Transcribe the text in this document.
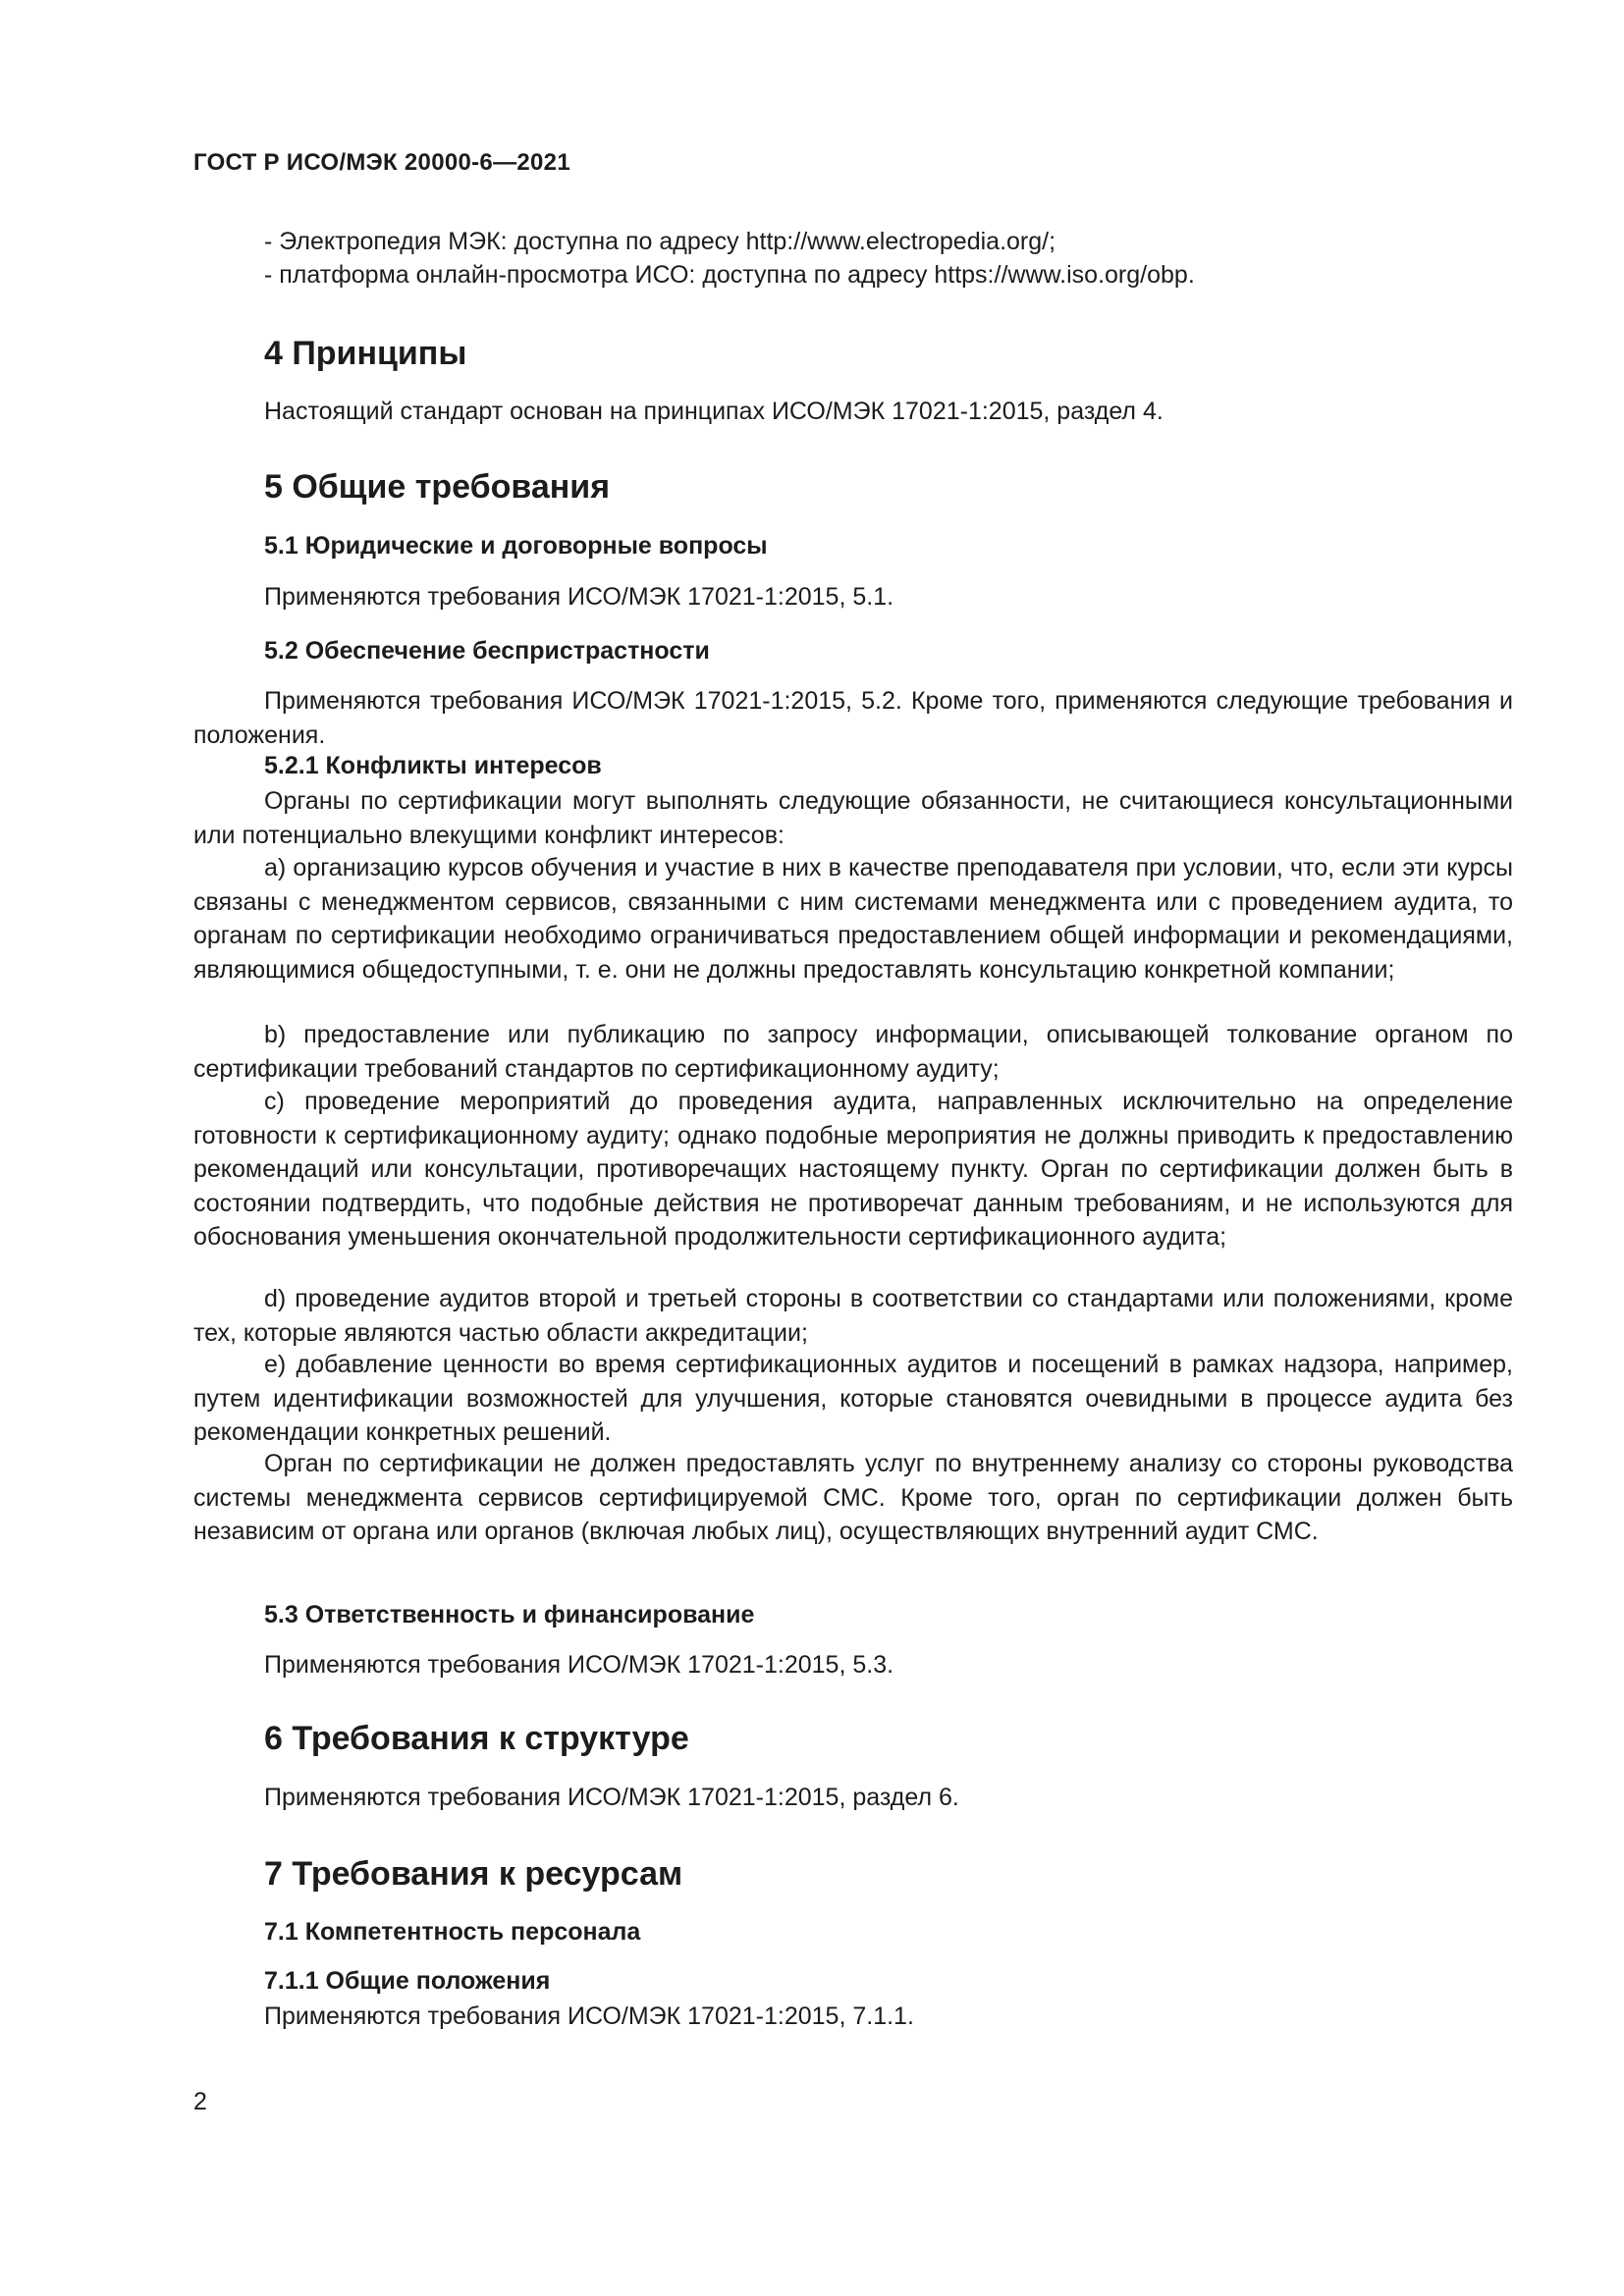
ГОСТ Р ИСО/МЭК 20000-6—2021
- Электропедия МЭК: доступна по адресу http://www.electropedia.org/;
- платформа онлайн-просмотра ИСО: доступна по адресу https://www.iso.org/obp.
4 Принципы
Настоящий стандарт основан на принципах ИСО/МЭК 17021-1:2015, раздел 4.
5 Общие требования
5.1 Юридические и договорные вопросы
Применяются требования ИСО/МЭК 17021-1:2015, 5.1.
5.2 Обеспечение беспристрастности
Применяются требования ИСО/МЭК 17021-1:2015, 5.2. Кроме того, применяются следующие требования и положения.
5.2.1 Конфликты интересов
Органы по сертификации могут выполнять следующие обязанности, не считающиеся консультационными или потенциально влекущими конфликт интересов:
а) организацию курсов обучения и участие в них в качестве преподавателя при условии, что, если эти курсы связаны с менеджментом сервисов, связанными с ним системами менеджмента или с проведением аудита, то органам по сертификации необходимо ограничиваться предоставлением общей информации и рекомендациями, являющимися общедоступными, т. е. они не должны предоставлять консультацию конкретной компании;
b) предоставление или публикацию по запросу информации, описывающей толкование органом по сертификации требований стандартов по сертификационному аудиту;
c) проведение мероприятий до проведения аудита, направленных исключительно на определение готовности к сертификационному аудиту; однако подобные мероприятия не должны приводить к предоставлению рекомендаций или консультации, противоречащих настоящему пункту. Орган по сертификации должен быть в состоянии подтвердить, что подобные действия не противоречат данным требованиям, и не используются для обоснования уменьшения окончательной продолжительности сертификационного аудита;
d) проведение аудитов второй и третьей стороны в соответствии со стандартами или положениями, кроме тех, которые являются частью области аккредитации;
e) добавление ценности во время сертификационных аудитов и посещений в рамках надзора, например, путем идентификации возможностей для улучшения, которые становятся очевидными в процессе аудита без рекомендации конкретных решений.
Орган по сертификации не должен предоставлять услуг по внутреннему анализу со стороны руководства системы менеджмента сервисов сертифицируемой СМС. Кроме того, орган по сертификации должен быть независим от органа или органов (включая любых лиц), осуществляющих внутренний аудит СМС.
5.3 Ответственность и финансирование
Применяются требования ИСО/МЭК 17021-1:2015, 5.3.
6 Требования к структуре
Применяются требования ИСО/МЭК 17021-1:2015, раздел 6.
7 Требования к ресурсам
7.1 Компетентность персонала
7.1.1 Общие положения
Применяются требования ИСО/МЭК 17021-1:2015, 7.1.1.
2
